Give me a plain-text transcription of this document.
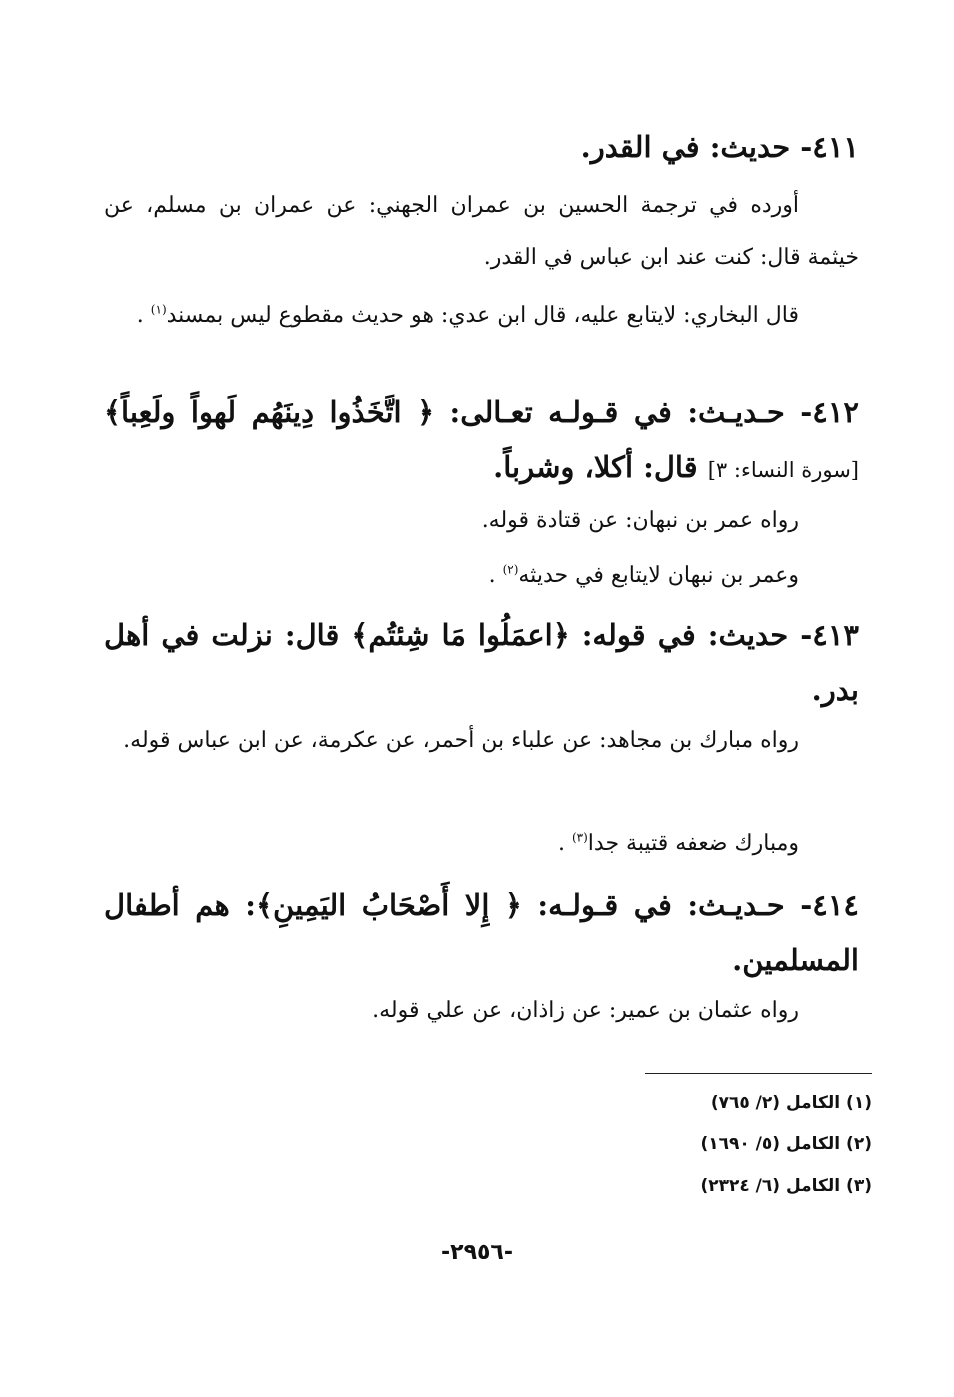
٤١١- حديث: في القدر.
أورده في ترجمة الحسين بن عمران الجهني: عن عمران بن مسلم، عن خيثمة قال: كنت عند ابن عباس في القدر.
قال البخاري: لايتابع عليه، قال ابن عدي: هو حديث مقطوع ليس بمسند$^{(١)}$ .
٤١٢- حـديـث: في قـولـه تعـالى: ﴿ اتَّخَذُوا دِينَهُم لَهواً ولَعِباً﴾ [سورة النساء: ٣] قال: أكلا، وشرباً.
رواه عمر بن نبهان: عن قتادة قوله.
وعمر بن نبهان لايتابع في حديثه$^{(٢)}$ .
٤١٣- حديث: في قوله: ﴿اعمَلُوا مَا شِئتُم﴾ قال: نزلت في أهل بدر.
رواه مبارك بن مجاهد: عن علباء بن أحمر، عن عكرمة، عن ابن عباس قوله.
ومبارك ضعفه قتيبة جدا$^{(٣)}$ .
٤١٤- حـديـث: في قـولـه: ﴿ إِلا أَصْحَابُ اليَمِينِ﴾: هم أطفال المسلمين.
رواه عثمان بن عمير: عن زاذان، عن علي قوله.
(١) الكامل (٢/ ٧٦٥)
(٢) الكامل (٥/ ١٦٩٠)
(٣) الكامل (٦/ ٢٣٢٤)
-٢٩٥٦-
